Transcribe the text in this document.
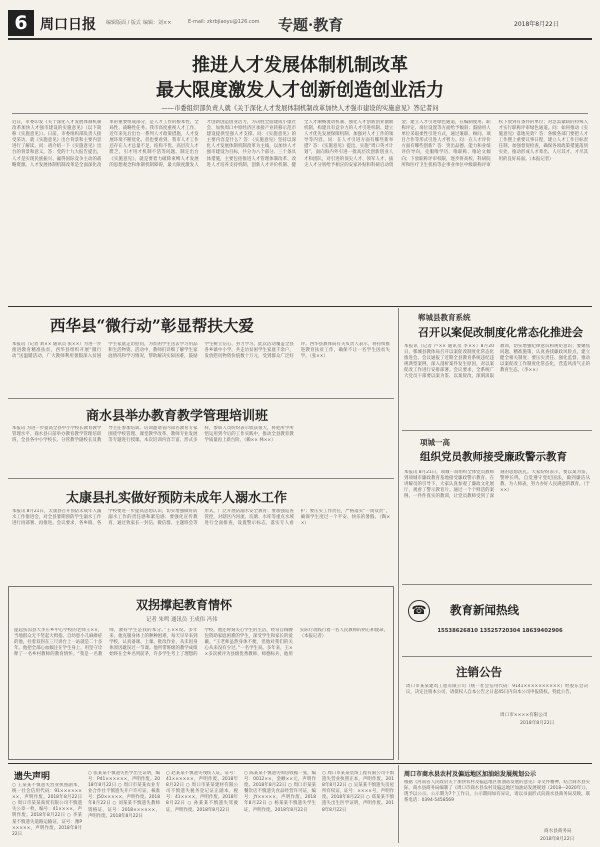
6 周口日报 编辑版面 / 版式 编辑：刘××	E-mail: zkrbjiaoyu@126.com 专题·教育	2018年8月22日
推进人才发展体制机制改革
最大限度激发人才创新创造创业活力
——市委组织部负责人就《关于深化人才发展体制机制改革加快人才强市建设的实施意见》答记者问
近日，市委印发《关于深化人才发展体制机制改革加快人才强市建设的实施意见》（以下简称《实施意见》）。日前，市委组织部负责人接受采访，就《实施意见》出台背景和主要内容进行了解读。问：请介绍一下《实施意见》出台的背景和意义。答：党的十九大报告提出，人才是实现民族振兴、赢得国际竞争主动的战略资源。人才发展体制机制改革是全面深化改革的重要组成部分，是人才工作的根本性、全局性、战略性任务。我市高度重视人才工作，近年来先后出台一系列人才政策措施，人才发展环境不断优化。但也要看到，我市人才工作还存在人才总量不足、结构不优、高层次人才匮乏、引才用才机制不活等问题。制定出台《实施意见》，就是要着力破除束缚人才发展的思想观念和体制机制障碍，最大限度激发人才创新创造创业活力，为决胜全面建成小康社会、加快周口中原经济区承接产业转移示范市建设提供坚强人才支撑。问：《实施意见》的主要内容是什么？答：《实施意见》坚持以深化人才发展体制机制改革为主线，以加快人才强市建设为目标，共分为八个部分、三十条具体措施，主要包括推进人才管理体制改革、改进人才培养支持机制、创新人才评价机制、健全人才顺畅流动机制、强化人才创新创业激励机制、构建具有竞争力的人才引进机制、建立人才优先发展保障机制、加强对人才工作的领导等内容。问：在人才引进方面有哪些新举措？答：《实施意见》提出，实施“周口英才计划”，面向海内外引进一批高层次创新创业人才和团队，对引进的顶尖人才、领军人才、拔尖人才分别给予相应的安家补贴和科研启动资金；建立人才引进绿色通道，在编制使用、职称评定、岗位设置等方面给予倾斜；鼓励用人单位采取柔性引进方式，通过兼职、顾问、项目合作等形式引进人才智力。问：在人才评价方面有哪些创新？答：突出品德、能力和业绩评价导向，克服唯学历、唯职称、唯论文倾向；下放职称评审权限，逐步将高校、科研院所和医疗卫生机构等企事业单位中级职称评审权下放到有条件的单位；对急需紧缺的特殊人才实行职称评审绿色通道。问：如何推动《实施意见》落地见效？答：各级各部门要把人才工作摆上重要议事日程，建立人才工作目标责任制，加强督促检查，确保各项政策措施落到实处，推动形成人才辈出、人尽其才、才尽其用的良好局面。（本报记者）
西华县“微行动”彰显帮扶大爱
本报讯（记者 刘×× 通讯员 张××）为进一步推进教育精准扶贫，西华县组织开展“微行动”送温暖活动，广大教师利用暑假深入贫困学生家庭走访慰问，为贫困学生送去学习用品和生活物资。活动中，教师们详细了解学生家庭情况和学习情况，帮助解决实际困难，鼓励学生树立信心、努力学习。此次活动覆盖全县各乡镇中小学，共走访贫困学生家庭千余户，发放慰问物资价值数十万元，受到群众广泛好评。西华县教体局有关负责人表示，将持续推进教育扶贫工作，确保不让一名学生因贫失学。（张××）
商水县举办教育教学管理培训班
本报讯 为进一步提高全县中小学校长教育教学管理水平，商水县日前举办教育教学管理培训班，全县各中小学校长、分管教学副校长及教导主任参加培训。培训邀请省内知名教育专家围绕学校管理、课堂教学改革、教师专业发展等专题进行授课。本次培训内容丰富、形式多样，参训人员纷纷表示收获很大，将把所学所悟运用到今后的工作实践中，推动全县教育教学质量再上新台阶。（赖×× 林××）
太康县扎实做好预防未成年人溺水工作
本报讯 8月21日，太康县召开预防未成年人溺水工作推进会，对全县暑期预防学生溺水工作进行再部署、再推进。会议要求，各乡镇、各学校要进一步提高思想认识，切实增强做好防溺水工作的责任感和紧迫感；要强化宣传教育，通过致家长一封信、微信群、主题班会等形式，广泛开展防溺水安全教育；要加强巡查管控，对辖区内河流、坑塘、水库等重点水域进行全面排查，设置警示标志，落实专人看护；要压实工作责任，严格落实“一岗双责”，确保学生度过一个平安、快乐的暑假。（陶××）
双拐撑起教育情怀
记者 朱鸣 通讯员 王成伟 冯伟
提起扶沟县大李庄乡中心学校的老师王××，当地群众无不竖起大拇指。自幼患小儿麻痹症的他，拄着双拐在三尺讲台上一站就是二十多年。他把全部心血倾注在学生身上，用坚守诠释了一名乡村教师的教育情怀。“我是一名教师，教好学生是我的本分。”王××说。多年来，他克服身体上的种种困难，每天早早来到学校，认真备课、上课、批改作业，从未因身体原因耽误过一节课。他所带班级的教学成绩始终在全乡名列前茅，许多学生考上了理想的学校。他还时刻关心学生的生活，经常自掏腰包资助家庭困难的学生，深受学生和家长的爱戴。“王老师虽然身体不便，但他对我们的关心从来没有少过。”一名学生说。多年来，王××多次被评为县级优秀教师、师德标兵，他用实际行动践行着一名人民教师的初心和使命。（本报记者）
郸城县教育系统
召开以案促改制度化常态化推进会
本报讯（记者 卢×× 通讯员 李××）8月20日，郸城县教体局召开以案促改制度化常态化推进会。会议通报了近期全县教育系统违纪违规典型案例，深入剖析案件发生原因，对以案促改工作进行安排部署。会议要求，全系统广大党员干部要以案为鉴、以案促改，深刻汲取教训，切实增强纪律意识和规矩意识；要聚焦问题、精准施策，认真查找廉政风险点，建立健全相关制度；要压实责任、强化监督，推动以案促改工作制度化常态化，营造风清气正的教育生态。（李××）
项城一高
组织党员教师接受廉政警示教育
本报讯 8月21日，项城一高组织全体党员教师到项城市廉政教育基地接受廉政警示教育。在讲解员的引导下，大家认真参观了廉政文化展厅，观看了警示教育片。通过一个个鲜活的案例、一件件真实的教训，让党员教师受到了深刻的思想洗礼。大家纷纷表示，要以案为鉴，警钟长鸣，自觉遵守党纪国法，做到廉洁从教、为人师表，努力办好人民满意的教育。（于××）
☎	教育新闻热线
15538626810 13525720304 18639402906
注销公告
周口市某某建筑工程有限公司（统一社会信用代码：9141××××××××××）经股东会决议，决定注销本公司，请债权人自本公告之日起45日内向本公司申报债权。特此公告。
周口市××××有限公司
2018年8月22日
遗失声明
○ 王某某不慎遗失营业执照副本，统一社会信用代码：91××××××××，声明作废。2018年8月22日 ○ 周口市某某商贸有限公司不慎遗失公章一枚，编号：41××××，声明作废。2018年8月22日 ○ 李某某不慎遗失道路运输证，证号：豫P×××××，声明作废。2018年8月22日
○ 张某某不慎遗失医学出生证明，编号：P41××××××，声明作废。2018年8月22日 ○ 周口市某某农业专业合作社不慎遗失开户许可证，核准号：J50×××××，声明作废。2018年8月22日 ○ 刘某某不慎遗失教师资格证，证号：2018××××××，声明作废。2018年8月22日
○ 赵某某不慎遗失残疾人证，证号：41××××××，声明作废。2018年8月22日 ○ 周口市某某建材有限公司不慎遗失税务登记证正副本，税号：41××××，声明作废。2018年8月22日 ○ 孙某某不慎遗失驾驶证，声明作废。2018年8月22日
○ 陈某某不慎遗失购房收据一张，编号：0012××，金额××元，声明作废。2018年8月22日 ○ 周口市某某餐饮店不慎遗失食品经营许可证，编号：JY×××××，声明作废。2018年8月22日 ○ 杨某某不慎遗失学生证，声明作废。2018年8月22日
○ 周口市某某装饰工程有限公司不慎遗失营业执照正本，声明作废。2018年8月22日 ○ 吴某某不慎遗失房屋所有权证，证号：××××号，声明作废。2018年8月22日 ○ 郑某某不慎遗失出生医学证明，声明作废。2018年8月22日
周口市商水县农村及偏远地区加油站发展规划公示
根据《河南省人民政府关于加快农村及偏远地区加油站发展的意见》等文件精神，结合商水县实际，商水县商务局编制了《周口市商水县农村及偏远地区加油站发展规划（2018—2020年）》，现予以公示。公示期为7个工作日，公示期间如有异议，请以书面形式向商水县商务局反映。联系电话：0394-5458569
商水县商务局
2018年8月22日
